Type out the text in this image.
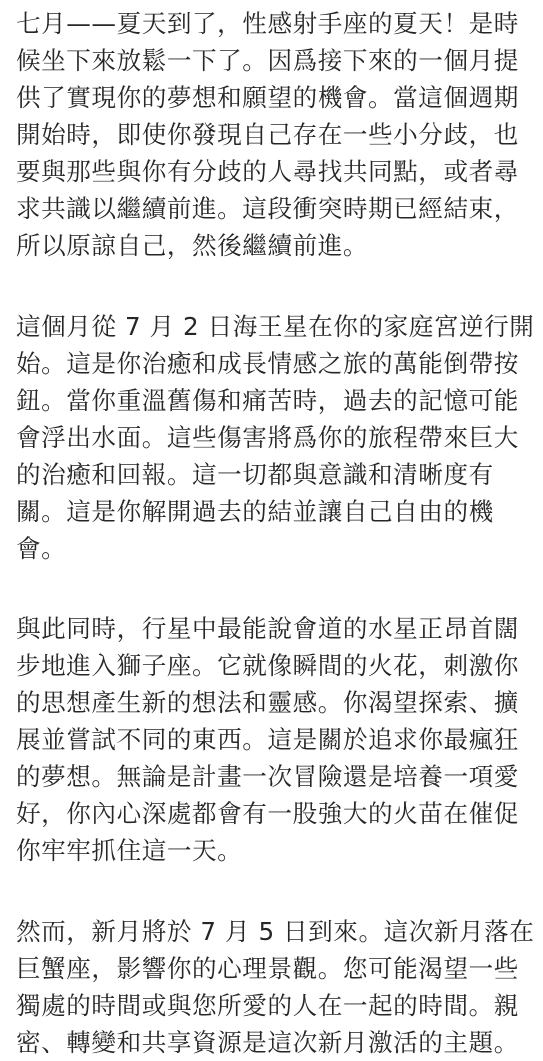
七月——夏天到了，性感射手座的夏天！是時
候坐下來放鬆一下了。因爲接下來的一個月提
供了實現你的夢想和願望的機會。當這個週期
開始時，即使你發現自己存在一些小分歧，也
要與那些與你有分歧的人尋找共同點，或者尋
求共識以繼續前進。這段衝突時期已經結束，
所以原諒自己，然後繼續前進。
這個月從 7 月 2 日海王星在你的家庭宮逆行開
始。這是你治癒和成長情感之旅的萬能倒帶按
鈕。當你重溫舊傷和痛苦時，過去的記憶可能
會浮出水面。這些傷害將爲你的旅程帶來巨大
的治癒和回報。這一切都與意識和清晰度有
關。這是你解開過去的結並讓自己自由的機
會。
與此同時，行星中最能說會道的水星正昂首闊
步地進入獅子座。它就像瞬間的火花，刺激你
的思想產生新的想法和靈感。你渴望探索、擴
展並嘗試不同的東西。這是關於追求你最瘋狂
的夢想。無論是計畫一次冒險還是培養一項愛
好，你內心深處都會有一股強大的火苗在催促
你牢牢抓住這一天。
然而，新月將於 7 月 5 日到來。這次新月落在
巨蟹座，影響你的心理景觀。您可能渴望一些
獨處的時間或與您所愛的人在一起的時間。親
密、轉變和共享資源是這次新月激活的主題。
